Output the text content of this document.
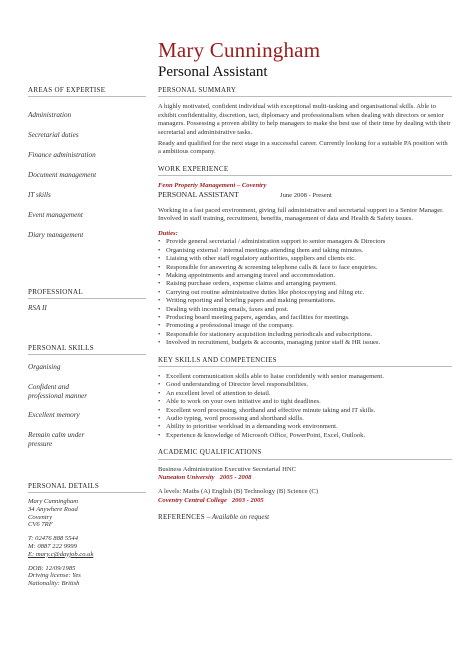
Mary Cunningham
Personal Assistant
AREAS OF EXPERTISE
Administration
Secretarial duties
Finance administration
Document management
IT skills
Event management
Diary management
PROFESSIONAL
RSA II
PERSONAL SKILLS
Organising
Confident and professional manner
Excellent memory
Remain calm under pressure
PERSONAL DETAILS
Mary Cunningham
34 Anywhere Road
Coventry
CV6 7RF
T: 02476 888 5544
M: 0887 222 9999
E: mary.c@dayjob.co.uk
DOB: 12/09/1985
Driving license: Yes
Nationality: British
PERSONAL SUMMARY

A highly motivated, confident individual with exceptional multi-tasking and organisational skills. Able to exhibit confidentiality, discretion, tact, diplomacy and professionalism when dealing with directors or senior managers. Possessing a proven ability to help managers to make the best use of their time by dealing with their secretarial and administrative tasks.

Ready and qualified for the next stage in a successful career. Currently looking for a suitable PA position with a ambitious company.

WORK EXPERIENCE
Fenn Property Management – Coventry
PERSONAL ASSISTANT	June 2008 - Present

Working in a fast paced environment, giving full administrative and secretarial support to a Senior Manager. Involved in staff training, recruitment, benefits, management of data and Health & Safety issues.

Duties:
• Provide general secretarial / administration support to senior managers & Directors
• Organising external / internal meetings attending them and taking minutes.
• Liaising with other staff regulatory authorities, suppliers and clients etc.
• Responsible for answering & screening telephone calls & face to face enquiries.
• Making appointments and arranging travel and accommodation.
• Raising purchase orders, expense claims and arranging payment.
• Carrying out routine administrative duties like photocopying and filing etc.
• Writing reporting and briefing papers and making presentations.
• Dealing with incoming emails, faxes and post.
• Producing board meeting papers, agendas, and facilities for meetings.
• Promoting a professional image of the company.
• Responsible for stationery acquisition including periodicals and subscriptions.
• Involved in recruitment, budgets & accounts, managing junior staff & HR issues.
KEY SKILLS AND COMPETENCIES
• Excellent communication skills able to liaise confidently with senior management.
• Good understanding of Director level responsibilities.
• An excellent level of attention to detail.
• Able to work on your own initiative and to tight deadlines.
• Excellent word processing, shorthand and effective minute taking and IT skills.
• Audio typing, word processing and shorthand skills.
• Ability to prioritise workload in a demanding work environment.
• Experience & knowledge of Microsoft Office, PowerPoint, Excel, Outlook.
ACADEMIC QUALIFICATIONS
Business Administration Executive Secretarial HNC
Nuneaton University 2005 - 2008
A levels: Maths (A) English (B) Technology (B) Science (C)
Coventry Central College 2003 - 2005
REFERENCES – Available on request
